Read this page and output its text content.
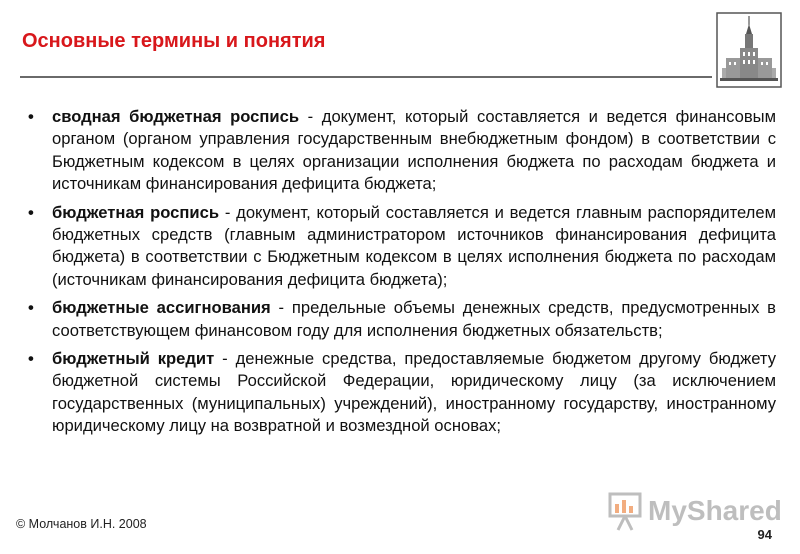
Основные термины и понятия
• сводная бюджетная роспись - документ, который составляется и ведется финансовым органом (органом управления государственным внебюджетным фондом) в соответствии с Бюджетным кодексом в целях организации исполнения бюджета по расходам бюджета и источникам финансирования дефицита бюджета;
• бюджетная роспись - документ, который составляется и ведется главным распорядителем бюджетных средств (главным администратором источников финансирования дефицита бюджета) в соответствии с Бюджетным кодексом в целях исполнения бюджета по расходам (источникам финансирования дефицита бюджета);
• бюджетные ассигнования - предельные объемы денежных средств, предусмотренных в соответствующем финансовом году для исполнения бюджетных обязательств;
• бюджетный кредит - денежные средства, предоставляемые бюджетом другому бюджету бюджетной системы Российской Федерации, юридическому лицу (за исключением государственных (муниципальных) учреждений), иностранному государству, иностранному юридическому лицу на возвратной и возмездной основах;
MyShared
© Молчанов И.Н. 2008
94
